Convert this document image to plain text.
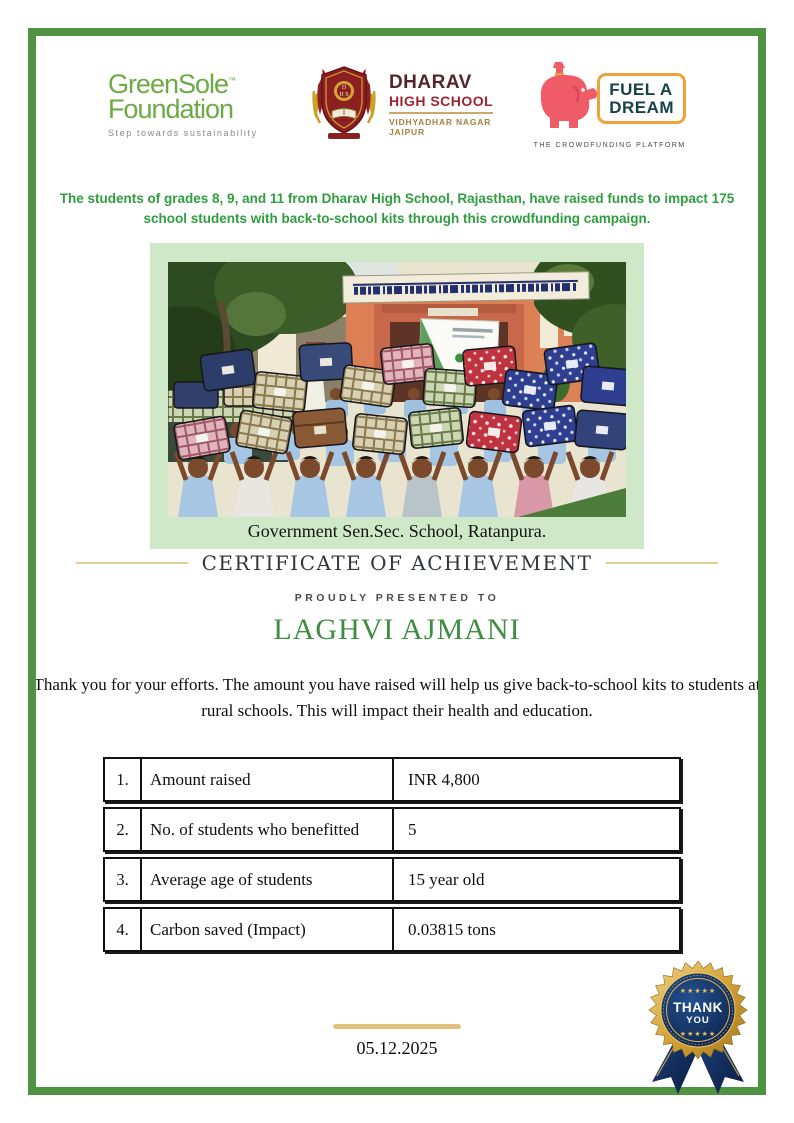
GreenSole™
Foundation
Step towards sustainability
D
H S
DHARAV
HIGH SCHOOL
VIDHYADHAR NAGAR
JAIPUR
FUEL A
DREAM
THE CROWDFUNDING PLATFORM

The students of grades 8, 9, and 11 from Dharav High School, Rajasthan, have raised funds to impact 175 school students with back-to-school kits through this crowdfunding campaign.

Government Sen.Sec. School, Ratanpura.
CERTIFICATE OF ACHIEVEMENT
PROUDLY PRESENTED TO
LAGHVI AJMANI

Thank you for your efforts. The amount you have raised will help us give back-to-school kits to students at rural schools. This will impact their health and education.

1.	Amount raised	INR 4,800
2.	No. of students who benefitted	5
3.	Average age of students	15 year old
4.	Carbon saved (Impact)	0.03815 tons
05.12.2025
★★★★★
THANK
YOU
★★★★★
